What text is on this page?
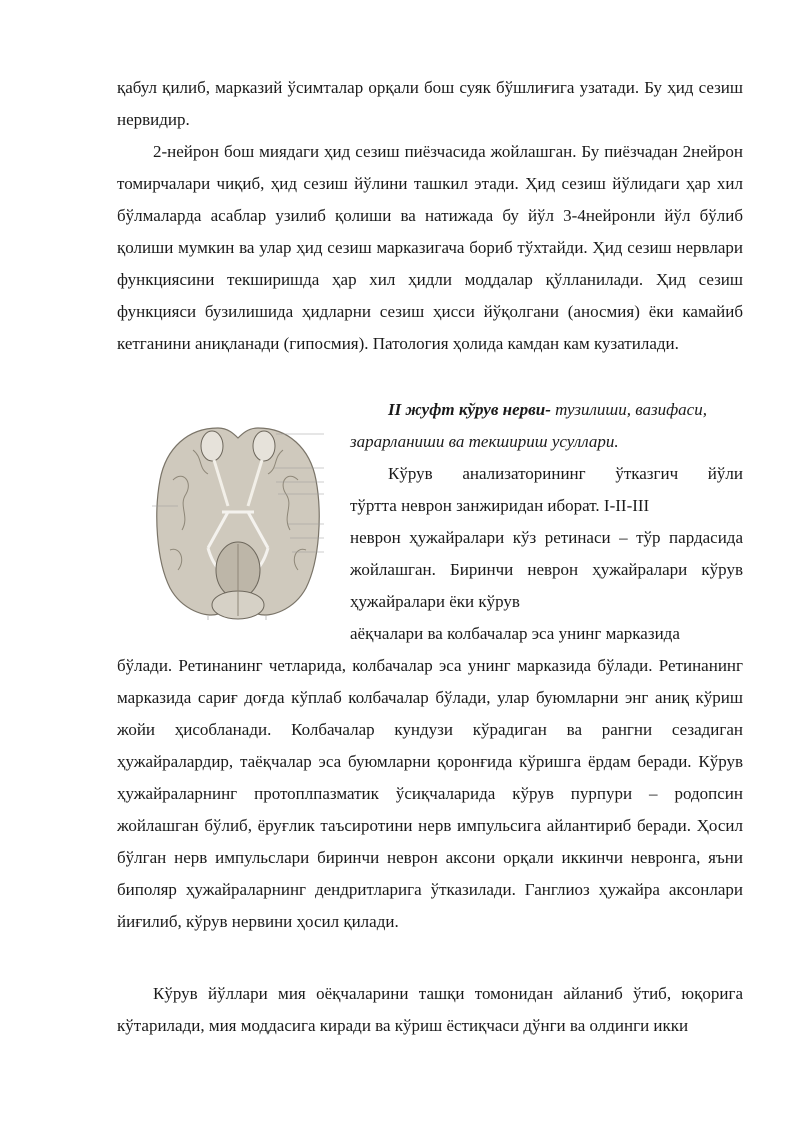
қабул қилиб, марказий ўсимталар орқали бош суяк бўшлиғига узатади. Бу ҳид сезиш нервидир.

2-нейрон бош миядаги ҳид сезиш пиёзчасида жойлашган. Бу пиёзчадан 2нейрон томирчалари чиқиб, ҳид сезиш йўлини ташкил этади. Ҳид сезиш йўлидаги ҳар хил бўлмаларда асаблар узилиб қолиши ва натижада бу йўл 3-4нейронли йўл бўлиб қолиши мумкин ва улар ҳид сезиш марказигача бориб тўхтайди. Ҳид сезиш нервлари функциясини текширишда ҳар хил ҳидли моддалар қўлланилади. Ҳид сезиш функцияси бузилишида ҳидларни сезиш ҳисси йўқолгани (аносмия) ёки камайиб кетганини аниқланади (гипосмия). Патология ҳолида камдан кам кузатилади.

II жуфт кўрув нерви- тузилиши, вазифаси,
зарарланиши ва текшириш усуллари.
Кўрув анализаторининг ўтказгич йўли
тўртта неврон занжиридан иборат. I-II-III
неврон ҳужайралари кўз ретинаси – тўр пардасида жойлашган. Биринчи неврон ҳужайралари кўрув ҳужайралари ёки кўрув
аёқчалари ва колбачалар эса унинг марказида

бўлади. Ретинанинг четларида, колбачалар эса унинг марказида бўлади. Ретинанинг марказида сариғ доғда кўплаб колбачалар бўлади, улар буюмларни энг аниқ кўриш жойи ҳисобланади. Колбачалар кундузи кўрадиган ва рангни сезадиган ҳужайралардир, таёқчалар эса буюмларни қоронғида кўришга ёрдам беради. Кўрув ҳужайраларнинг протоплпазматик ўсиқчаларида кўрув пурпури – родопсин жойлашган бўлиб, ёруғлик таъсиротини нерв импульсига айлантириб беради. Ҳосил бўлган нерв импульслари биринчи неврон аксони орқали иккинчи невронга, яъни биполяр ҳужайраларнинг дендритларига ўтказилади. Ганглиоз ҳужайра аксонлари йиғилиб, кўрув нервини ҳосил қилади.

Кўрув йўллари мия оёқчаларини ташқи томонидан айланиб ўтиб, юқорига кўтарилади, мия моддасига киради ва кўриш ёстиқчаси дўнги ва олдинги икки
